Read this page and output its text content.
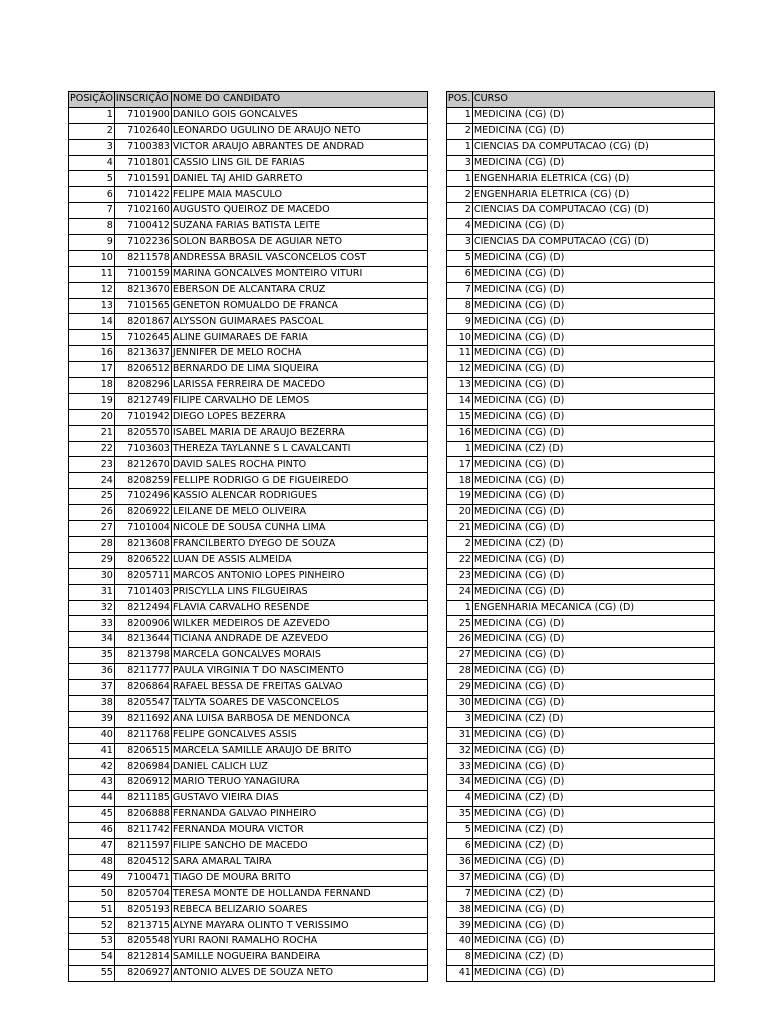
POSIÇÃO	INSCRIÇÃO	NOME DO CANDIDATO		POS.	CURSO
1	7101900	DANILO GOIS GONCALVES		1	MEDICINA (CG) (D)
2	7102640	LEONARDO UGULINO DE ARAUJO NETO		2	MEDICINA (CG) (D)
3	7100383	VICTOR ARAUJO ABRANTES DE ANDRAD		1	CIENCIAS DA COMPUTACAO (CG) (D)
4	7101801	CASSIO LINS GIL DE FARIAS		3	MEDICINA (CG) (D)
5	7101591	DANIEL TAJ AHID GARRETO		1	ENGENHARIA ELETRICA (CG) (D)
6	7101422	FELIPE MAIA MASCULO		2	ENGENHARIA ELETRICA (CG) (D)
7	7102160	AUGUSTO QUEIROZ DE MACEDO		2	CIENCIAS DA COMPUTACAO (CG) (D)
8	7100412	SUZANA FARIAS BATISTA LEITE		4	MEDICINA (CG) (D)
9	7102236	SOLON BARBOSA DE AGUIAR NETO		3	CIENCIAS DA COMPUTACAO (CG) (D)
10	8211578	ANDRESSA BRASIL VASCONCELOS COST		5	MEDICINA (CG) (D)
11	7100159	MARINA GONCALVES MONTEIRO VITURI		6	MEDICINA (CG) (D)
12	8213670	EBERSON DE ALCANTARA CRUZ		7	MEDICINA (CG) (D)
13	7101565	GENETON ROMUALDO DE FRANCA		8	MEDICINA (CG) (D)
14	8201867	ALYSSON GUIMARAES PASCOAL		9	MEDICINA (CG) (D)
15	7102645	ALINE GUIMARAES DE FARIA		10	MEDICINA (CG) (D)
16	8213637	JENNIFER DE MELO ROCHA		11	MEDICINA (CG) (D)
17	8206512	BERNARDO DE LIMA SIQUEIRA		12	MEDICINA (CG) (D)
18	8208296	LARISSA FERREIRA DE MACEDO		13	MEDICINA (CG) (D)
19	8212749	FILIPE CARVALHO DE LEMOS		14	MEDICINA (CG) (D)
20	7101942	DIEGO LOPES BEZERRA		15	MEDICINA (CG) (D)
21	8205570	ISABEL MARIA DE ARAUJO BEZERRA		16	MEDICINA (CG) (D)
22	7103603	THEREZA TAYLANNE S L CAVALCANTI		1	MEDICINA (CZ) (D)
23	8212670	DAVID SALES ROCHA PINTO		17	MEDICINA (CG) (D)
24	8208259	FELLIPE RODRIGO G DE FIGUEIREDO		18	MEDICINA (CG) (D)
25	7102496	KASSIO ALENCAR RODRIGUES		19	MEDICINA (CG) (D)
26	8206922	LEILANE DE MELO OLIVEIRA		20	MEDICINA (CG) (D)
27	7101004	NICOLE DE SOUSA CUNHA LIMA		21	MEDICINA (CG) (D)
28	8213608	FRANCILBERTO DYEGO DE SOUZA		2	MEDICINA (CZ) (D)
29	8206522	LUAN DE ASSIS ALMEIDA		22	MEDICINA (CG) (D)
30	8205711	MARCOS ANTONIO LOPES PINHEIRO		23	MEDICINA (CG) (D)
31	7101403	PRISCYLLA LINS FILGUEIRAS		24	MEDICINA (CG) (D)
32	8212494	FLAVIA CARVALHO RESENDE		1	ENGENHARIA MECANICA (CG) (D)
33	8200906	WILKER MEDEIROS DE AZEVEDO		25	MEDICINA (CG) (D)
34	8213644	TICIANA ANDRADE DE AZEVEDO		26	MEDICINA (CG) (D)
35	8213798	MARCELA GONCALVES MORAIS		27	MEDICINA (CG) (D)
36	8211777	PAULA VIRGINIA T DO NASCIMENTO		28	MEDICINA (CG) (D)
37	8206864	RAFAEL BESSA DE FREITAS GALVAO		29	MEDICINA (CG) (D)
38	8205547	TALYTA SOARES DE VASCONCELOS		30	MEDICINA (CG) (D)
39	8211692	ANA LUISA BARBOSA DE MENDONCA		3	MEDICINA (CZ) (D)
40	8211768	FELIPE GONCALVES ASSIS		31	MEDICINA (CG) (D)
41	8206515	MARCELA SAMILLE ARAUJO DE BRITO		32	MEDICINA (CG) (D)
42	8206984	DANIEL CALICH LUZ		33	MEDICINA (CG) (D)
43	8206912	MARIO TERUO YANAGIURA		34	MEDICINA (CG) (D)
44	8211185	GUSTAVO VIEIRA DIAS		4	MEDICINA (CZ) (D)
45	8206888	FERNANDA GALVAO PINHEIRO		35	MEDICINA (CG) (D)
46	8211742	FERNANDA MOURA VICTOR		5	MEDICINA (CZ) (D)
47	8211597	FILIPE SANCHO DE MACEDO		6	MEDICINA (CZ) (D)
48	8204512	SARA AMARAL TAIRA		36	MEDICINA (CG) (D)
49	7100471	TIAGO DE MOURA BRITO		37	MEDICINA (CG) (D)
50	8205704	TERESA MONTE DE HOLLANDA FERNAND		7	MEDICINA (CZ) (D)
51	8205193	REBECA BELIZARIO SOARES		38	MEDICINA (CG) (D)
52	8213715	ALYNE MAYARA OLINTO T VERISSIMO		39	MEDICINA (CG) (D)
53	8205548	YURI RAONI RAMALHO ROCHA		40	MEDICINA (CG) (D)
54	8212814	SAMILLE NOGUEIRA BANDEIRA		8	MEDICINA (CZ) (D)
55	8206927	ANTONIO ALVES DE SOUZA NETO		41	MEDICINA (CG) (D)
